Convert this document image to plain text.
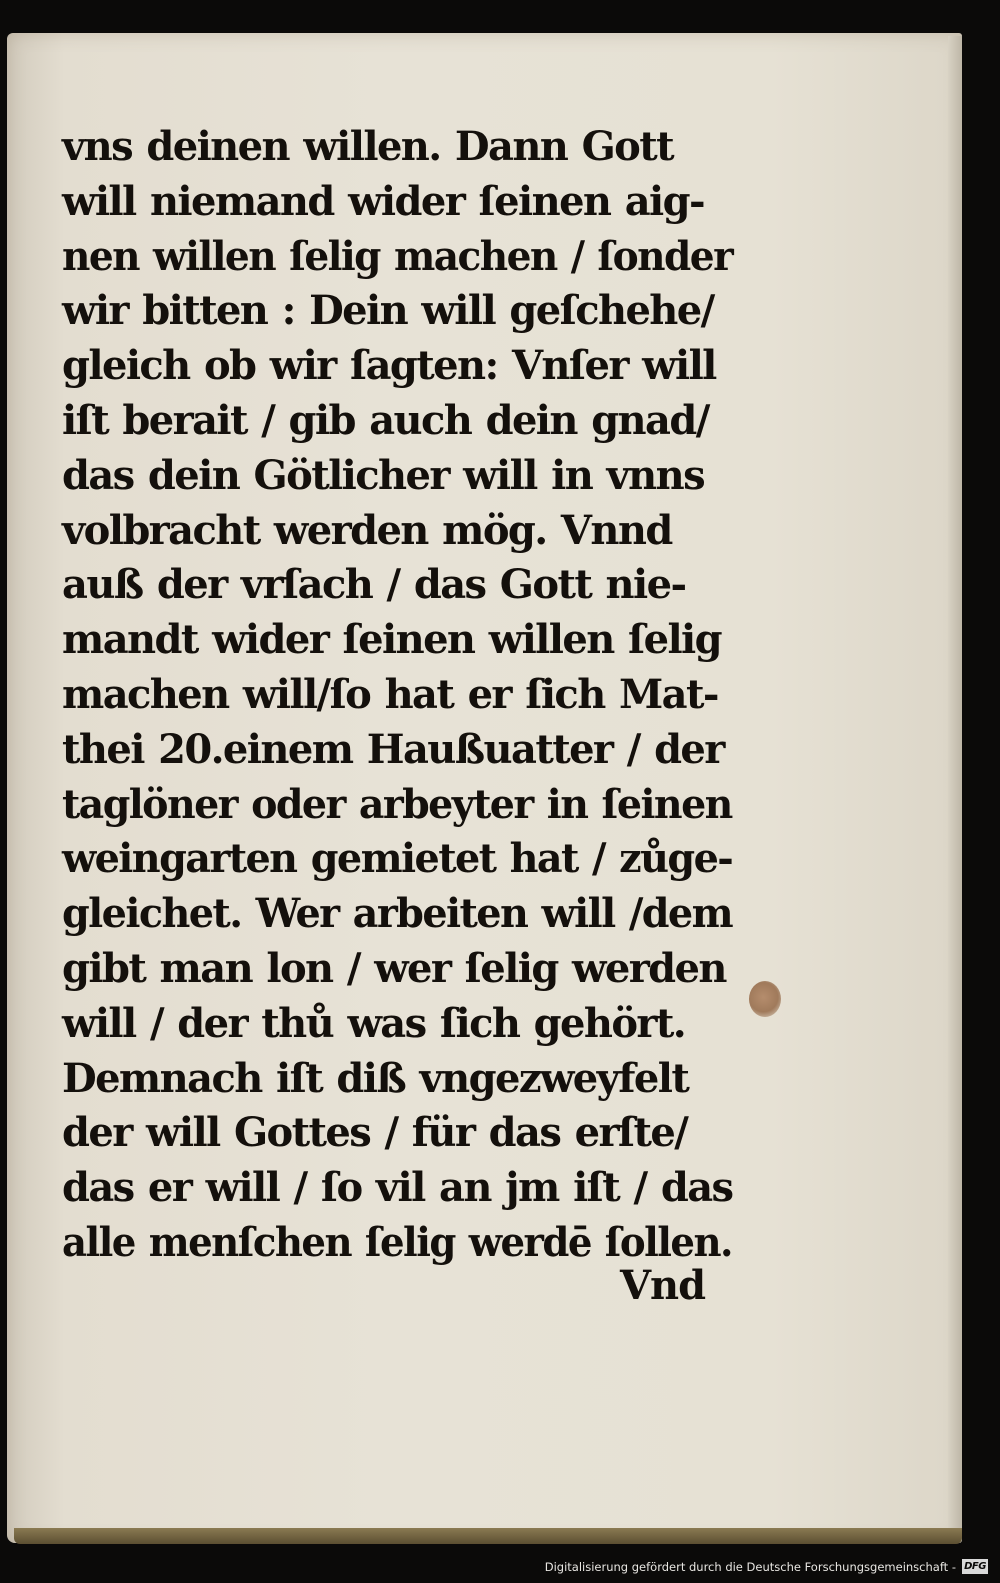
vns deinen willen. Dann Gott
will niemand wider ſeinen aig-
nen willen ſelig machen / ſonder
wir bitten : Dein will geſchehe/
gleich ob wir ſagten: Vnſer will
iſt berait / gib auch dein gnad/
das dein Götlicher will in vnns
volbracht werden mög. Vnnd
auß der vrſach / das Gott nie-
mandt wider ſeinen willen ſelig
machen will/ſo hat er ſich Mat-
thei 20.einem Haußuatter / der
taglöner oder arbeyter in ſeinen
weingarten gemietet hat / zůge-
gleichet. Wer arbeiten will /dem
gibt man lon / wer ſelig werden
will / der thů was ſich gehört.
Demnach iſt diß vngezweyfelt
der will Gottes / für das erſte/
das er will / ſo vil an jm iſt / das
alle menſchen ſelig werdē ſollen.
Vnd
Digitalisierung gefördert durch die Deutsche Forschungsgemeinschaft - DFG
